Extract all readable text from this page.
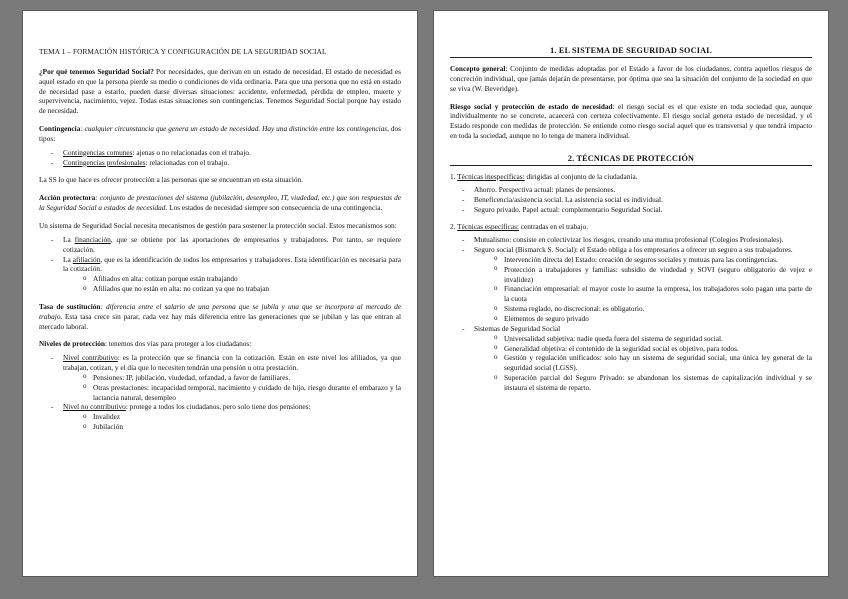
TEMA 1 – FORMACIÓN HISTÓRICA Y CONFIGURACIÓN DE LA SEGURIDAD SOCIAL

¿Por qué tenemos Seguridad Social? Por necesidades, que derivan en un estado de necesidad. El estado de necesidad es aquel estado en que la persona pierde su medio o condiciones de vida ordinaria. Para que una persona que no está en estado de necesidad pase a estarlo, pueden darse diversas situaciones: accidente, enfermedad, pérdida de empleo, muerte y supervivencia, nacimiento, vejez. Todas estas situaciones son contingencias. Tenemos Seguridad Social porque hay estado de necesidad.

Contingencia: cualquier circunstancia que genera un estado de necesidad. Hay una distinción entre las contingencias, dos tipos:

- Contingencias comunes: ajenas o no relacionadas con el trabajo.
- Contingencias profesionales: relacionadas con el trabajo.

La SS lo que hace es ofrecer protección a las personas que se encuentran en esta situación.

Acción protectora: conjunto de prestaciones del sistema (jubilación, desempleo, IT, viudedad, etc.) que son respuestas de la Seguridad Social a estados de necesidad. Los estados de necesidad siempre son consecuencia de una contingencia.

Un sistema de Seguridad Social necesita mecanismos de gestión para sostener la protección social. Estos mecanismos son:

- La financiación, que se obtiene por las aportaciones de empresarios y trabajadores. Por tanto, se requiere cotización.
- La afiliación, que es la identificación de todos los empresarios y trabajadores. Esta identificación es necesaria para la cotización.
o Afiliados en alta: cotizan porque están trabajando
o Afiliados que no están en alta: no cotizan ya que no trabajan

Tasa de sustitución: diferencia entre el salario de una persona que se jubila y una que se incorpora al mercado de trabajo. Esta tasa crece sin parar, cada vez hay más diferencia entre las generaciones que se jubilan y las que entran al mercado laboral.

Niveles de protección: tenemos dos vías para proteger a los ciudadanos:

- Nivel contributivo: es la protección que se financia con la cotización. Están en este nivel los afiliados, ya que trabajan, cotizan, y el día que lo necesiten tendrán una pensión u otra prestación.
o Pensiones: IP, jubilación, viudedad, orfandad, a favor de familiares.
o Otras prestaciones: incapacidad temporal, nacimiento y cuidado de hijo, riesgo durante el embarazo y la lactancia natural, desempleo
- Nivel no contributivo: protege a todos los ciudadanos, pero solo tiene dos pensiones:
o Invalidez
o Jubilación
1. EL SISTEMA DE SEGURIDAD SOCIAL

Concepto general: Conjunto de medidas adoptadas por el Estado a favor de los ciudadanos, contra aquellos riesgos de concreción individual, que jamás dejarán de presentarse, por óptima que sea la situación del conjunto de la sociedad en que se viva (W. Beveridge).

Riesgo social y protección de estado de necesidad: el riesgo social es el que existe en toda sociedad que, aunque individualmente no se concrete, acaecerá con certeza colectivamente. El riesgo social genera estado de necesidad, y el Estado responde con medidas de protección. Se entiende como riesgo social aquel que es transversal y que tendrá impacto en toda la sociedad, aunque no lo tenga de manera individual.

2. TÉCNICAS DE PROTECCIÓN

1. Técnicas inespecíficas: dirigidas al conjunto de la ciudadanía.

- Ahorro. Perspectiva actual: planes de pensiones.
- Beneficencia/asistencia social. La asistencia social es individual.
- Seguro privado. Papel actual: complementario Seguridad Social.

2. Técnicas específicas: centradas en el trabajo.

- Mutualismo: consiste en colectivizar los riesgos, creando una mutua profesional (Colegios Profesionales).
- Seguro social (Bismarck S. Social): el Estado obliga a los empresarios a ofrecer un seguro a sus trabajadores.
o Intervención directa del Estado: creación de seguros sociales y mutuas para las contingencias.
o Protección a trabajadores y familias: subsidio de viudedad y SOVI (seguro obligatorio de vejez e invalidez)
o Financiación empresarial: el mayor coste lo asume la empresa, los trabajadores solo pagan una parte de la cuota
o Sistema reglado, no discrecional: es obligatorio.
o Elementos de seguro privado
- Sistemas de Seguridad Social
o Universalidad subjetiva: nadie queda fuera del sistema de seguridad social.
o Generalidad objetiva: el contenido de la seguridad social es objetivo, para todos.
o Gestión y regulación unificados: solo hay un sistema de seguridad social, una única ley general de la seguridad social (LGSS).
o Superación parcial del Seguro Privado: se abandonan los sistemas de capitalización individual y se instaura el sistema de reparto.
